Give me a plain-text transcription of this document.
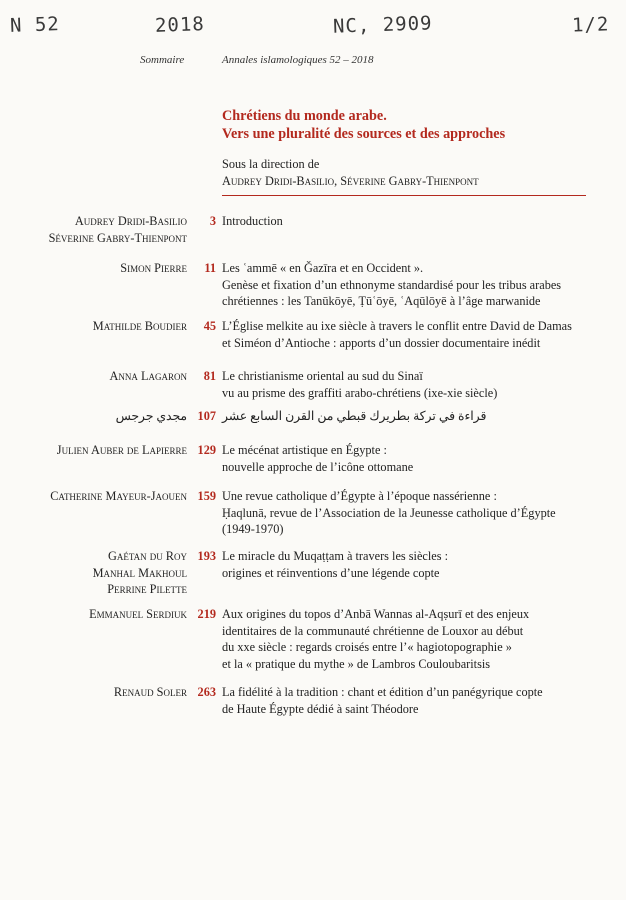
N 52	2018	NC, 2909	1/2
Sommaire	Annales islamologiques 52 – 2018
Chrétiens du monde arabe.
Vers une pluralité des sources et des approches
Sous la direction de
Audrey Dridi-Basilio, Séverine Gabry-Thienpont
Audrey Dridi-Basilio
Séverine Gabry-Thienpont
3 Introduction

Simon Pierre	11 Les ʿammē « en Ǧazīra et en Occident ».

Genèse et fixation d’un ethnonyme standardisé pour les tribus arabes

chrétiennes : les Tanūkōyē, Ṭūʿōyē, ʿAqūlōyē à l’âge marwanide

Mathilde Boudier	45 L’Église melkite au ixe siècle à travers le conflit entre David de Damas

et Siméon d’Antioche : apports d’un dossier documentaire inédit

Anna Lagaron	81 Le christianisme oriental au sud du Sinaï

vu au prisme des graffiti arabo-chrétiens (ixe-xie siècle)

مجدي جرجس 107 قراءة في تركة بطريرك قبطي من القرن السابع عشر

Julien Auber de Lapierre 129 Le mécénat artistique en Égypte :

nouvelle approche de l’icône ottomane

Catherine Mayeur-Jaouen 159 Une revue catholique d’Égypte à l’époque nassérienne :

Ḥaqlunā, revue de l’Association de la Jeunesse catholique d’Égypte

(1949-1970)

Gaétan du Roy
Manhal Makhoul
Perrine Pilette
193 Le miracle du Muqaṭṭam à travers les siècles :

origines et réinventions d’une légende copte

Emmanuel Serdiuk 219 Aux origines du topos d’Anbā Wannas al-Aqṣurī et des enjeux

identitaires de la communauté chrétienne de Louxor au début

du xxe siècle : regards croisés entre l’« hagiotopographie »

et la « pratique du mythe » de Lambros Couloubaritsis

Renaud Soler 263 La fidélité à la tradition : chant et édition d’un panégyrique copte

de Haute Égypte dédié à saint Théodore
